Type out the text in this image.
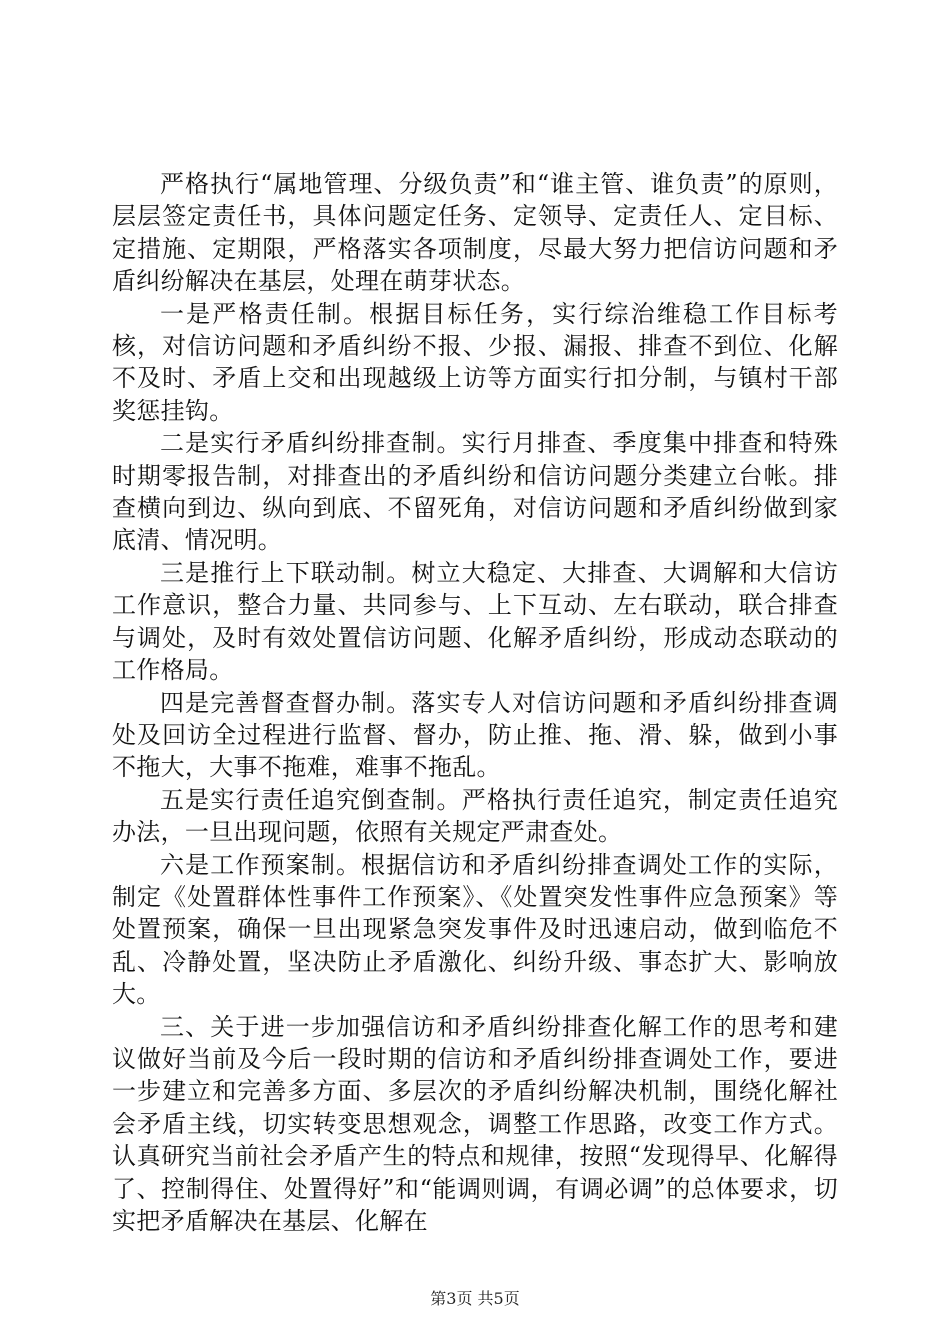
严格执行“属地管理、分级负责”和“谁主管、谁负责”的原则，层层签定责任书，具体问题定任务、定领导、定责任人、定目标、定措施、定期限，严格落实各项制度，尽最大努力把信访问题和矛盾纠纷解决在基层，处理在萌芽状态。

一是严格责任制。根据目标任务，实行综治维稳工作目标考核，对信访问题和矛盾纠纷不报、少报、漏报、排查不到位、化解不及时、矛盾上交和出现越级上访等方面实行扣分制，与镇村干部奖惩挂钩。

二是实行矛盾纠纷排查制。实行月排查、季度集中排查和特殊时期零报告制，对排查出的矛盾纠纷和信访问题分类建立台帐。排查横向到边、纵向到底、不留死角，对信访问题和矛盾纠纷做到家底清、情况明。

三是推行上下联动制。树立大稳定、大排查、大调解和大信访工作意识，整合力量、共同参与、上下互动、左右联动，联合排查与调处，及时有效处置信访问题、化解矛盾纠纷，形成动态联动的工作格局。

四是完善督查督办制。落实专人对信访问题和矛盾纠纷排查调处及回访全过程进行监督、督办，防止推、拖、滑、躲，做到小事不拖大，大事不拖难，难事不拖乱。

五是实行责任追究倒查制。严格执行责任追究，制定责任追究办法，一旦出现问题，依照有关规定严肃查处。

六是工作预案制。根据信访和矛盾纠纷排查调处工作的实际，制定《处置群体性事件工作预案》、《处置突发性事件应急预案》等处置预案，确保一旦出现紧急突发事件及时迅速启动，做到临危不乱、冷静处置，坚决防止矛盾激化、纠纷升级、事态扩大、影响放大。

三、关于进一步加强信访和矛盾纠纷排查化解工作的思考和建议做好当前及今后一段时期的信访和矛盾纠纷排查调处工作，要进一步建立和完善多方面、多层次的矛盾纠纷解决机制，围绕化解社会矛盾主线，切实转变思想观念，调整工作思路，改变工作方式。认真研究当前社会矛盾产生的特点和规律，按照“发现得早、化解得了、控制得住、处置得好”和“能调则调，有调必调”的总体要求，切实把矛盾解决在基层、化解在

第3页 共5页
